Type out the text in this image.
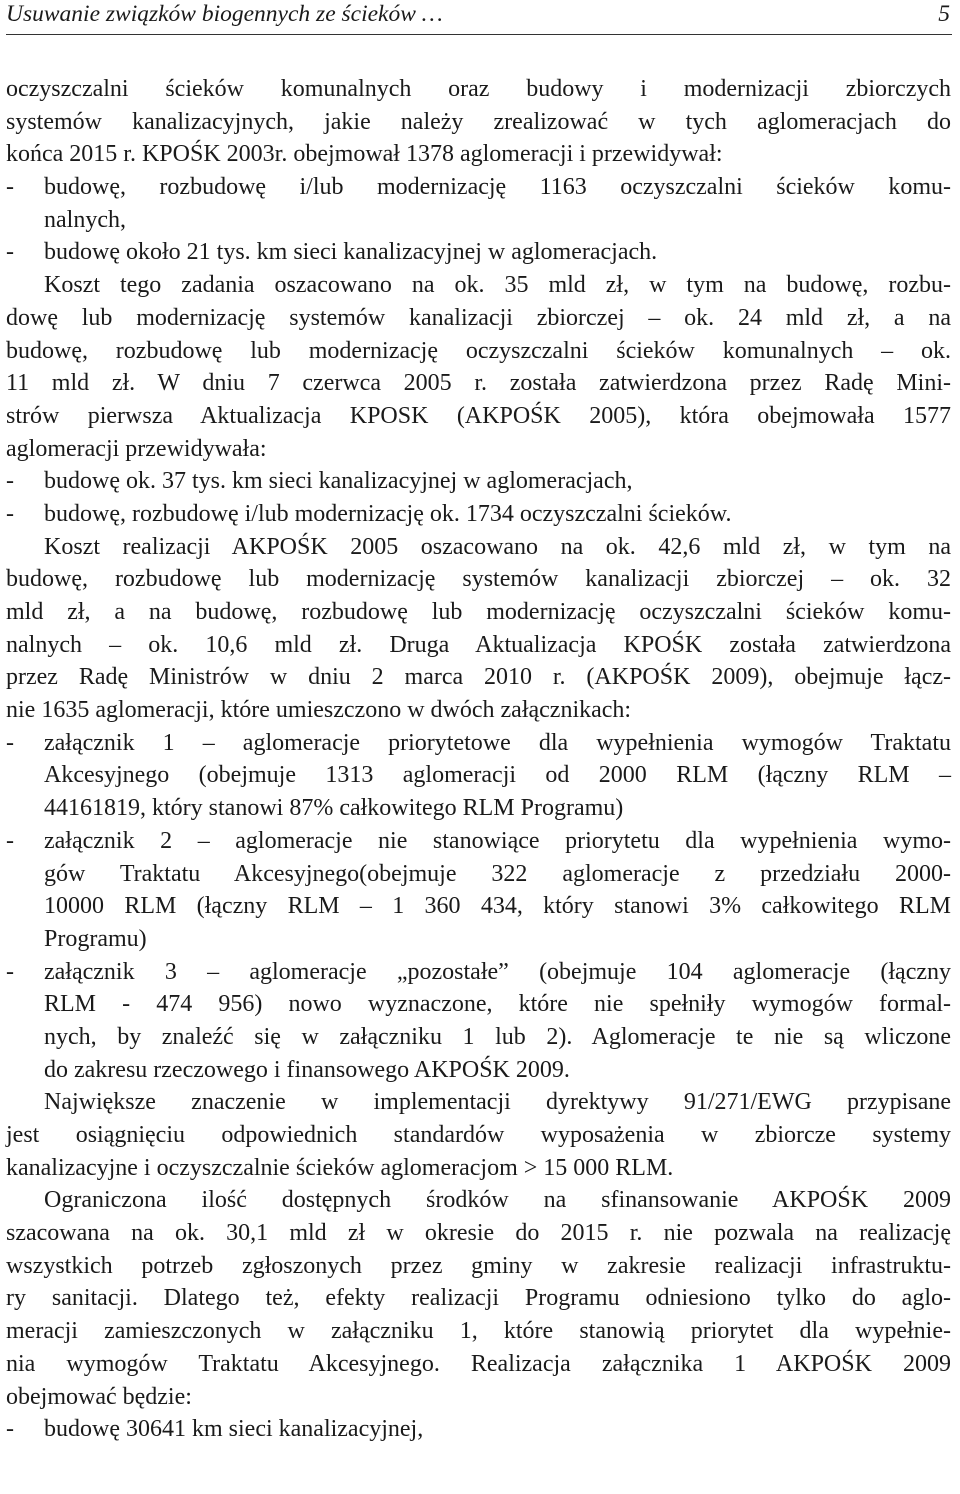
Usuwanie związków biogennych ze ścieków …	5
oczyszczalni ścieków komunalnych oraz budowy i modernizacji zbiorczych
systemów kanalizacyjnych, jakie należy zrealizować w tych aglomeracjach do
końca 2015 r. KPOŚK 2003r. obejmował 1378 aglomeracji i przewidywał:
-	budowę, rozbudowę i/lub modernizację 1163 oczyszczalni ścieków komu-
nalnych,
-	budowę około 21 tys. km sieci kanalizacyjnej w aglomeracjach.
Koszt tego zadania oszacowano na ok. 35 mld zł, w tym na budowę, rozbu-
dowę lub modernizację systemów kanalizacji zbiorczej – ok. 24 mld zł, a na
budowę, rozbudowę lub modernizację oczyszczalni ścieków komunalnych – ok.
11 mld zł. W dniu 7 czerwca 2005 r. została zatwierdzona przez Radę Mini-
strów pierwsza Aktualizacja KPOSK (AKPOŚK 2005), która obejmowała 1577
aglomeracji przewidywała:
-	budowę ok. 37 tys. km sieci kanalizacyjnej w aglomeracjach,
-	budowę, rozbudowę i/lub modernizację ok. 1734 oczyszczalni ścieków.
Koszt realizacji AKPOŚK 2005 oszacowano na ok. 42,6 mld zł, w tym na
budowę, rozbudowę lub modernizację systemów kanalizacji zbiorczej – ok. 32
mld zł, a na budowę, rozbudowę lub modernizację oczyszczalni ścieków komu-
nalnych – ok. 10,6 mld zł. Druga Aktualizacja KPOŚK została zatwierdzona
przez Radę Ministrów w dniu 2 marca 2010 r. (AKPOŚK 2009), obejmuje łącz-
nie 1635 aglomeracji, które umieszczono w dwóch załącznikach:
-	załącznik 1 – aglomeracje priorytetowe dla wypełnienia wymogów Traktatu
Akcesyjnego (obejmuje 1313 aglomeracji od 2000 RLM (łączny RLM –
44161819, który stanowi 87% całkowitego RLM Programu)
-	załącznik 2 – aglomeracje nie stanowiące priorytetu dla wypełnienia wymo-
gów Traktatu Akcesyjnego(obejmuje 322 aglomeracje z przedziału 2000-
10000 RLM (łączny RLM – 1 360 434, który stanowi 3% całkowitego RLM
Programu)
-	załącznik 3 – aglomeracje „pozostałe” (obejmuje 104 aglomeracje (łączny
RLM - 474 956) nowo wyznaczone, które nie spełniły wymogów formal-
nych, by znaleźć się w załączniku 1 lub 2). Aglomeracje te nie są wliczone
do zakresu rzeczowego i finansowego AKPOŚK 2009.
Największe znaczenie w implementacji dyrektywy 91/271/EWG przypisane
jest osiągnięciu odpowiednich standardów wyposażenia w zbiorcze systemy
kanalizacyjne i oczyszczalnie ścieków aglomeracjom > 15 000 RLM.
Ograniczona ilość dostępnych środków na sfinansowanie AKPOŚK 2009
szacowana na ok. 30,1 mld zł w okresie do 2015 r. nie pozwala na realizację
wszystkich potrzeb zgłoszonych przez gminy w zakresie realizacji infrastruktu-
ry sanitacji. Dlatego też, efekty realizacji Programu odniesiono tylko do aglo-
meracji zamieszczonych w załączniku 1, które stanowią priorytet dla wypełnie-
nia wymogów Traktatu Akcesyjnego. Realizacja załącznika 1 AKPOŚK 2009
obejmować będzie:
-	budowę 30641 km sieci kanalizacyjnej,
